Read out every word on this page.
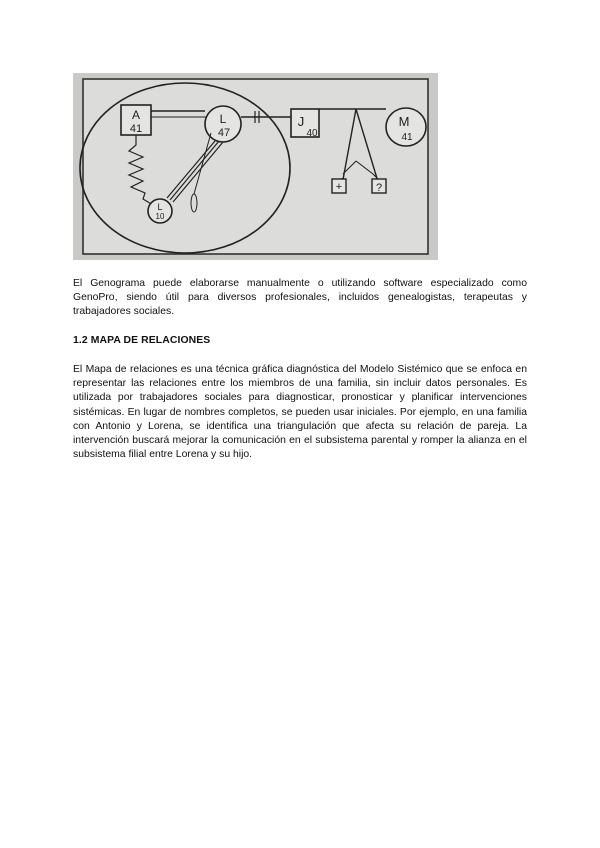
A
41
L
47
J
40
M
41
+	?
L
10

El Genograma puede elaborarse manualmente o utilizando software especializado como GenoPro, siendo útil para diversos profesionales, incluidos genealogistas, terapeutas y trabajadores sociales.

1.2 MAPA DE RELACIONES

El Mapa de relaciones es una técnica gráfica diagnóstica del Modelo Sistémico que se enfoca en representar las relaciones entre los miembros de una familia, sin incluir datos personales. Es utilizada por trabajadores sociales para diagnosticar, pronosticar y planificar intervenciones sistémicas. En lugar de nombres completos, se pueden usar iniciales. Por ejemplo, en una familia con Antonio y Lorena, se identifica una triangulación que afecta su relación de pareja. La intervención buscará mejorar la comunicación en el subsistema parental y romper la alianza en el subsistema filial entre Lorena y su hijo.
